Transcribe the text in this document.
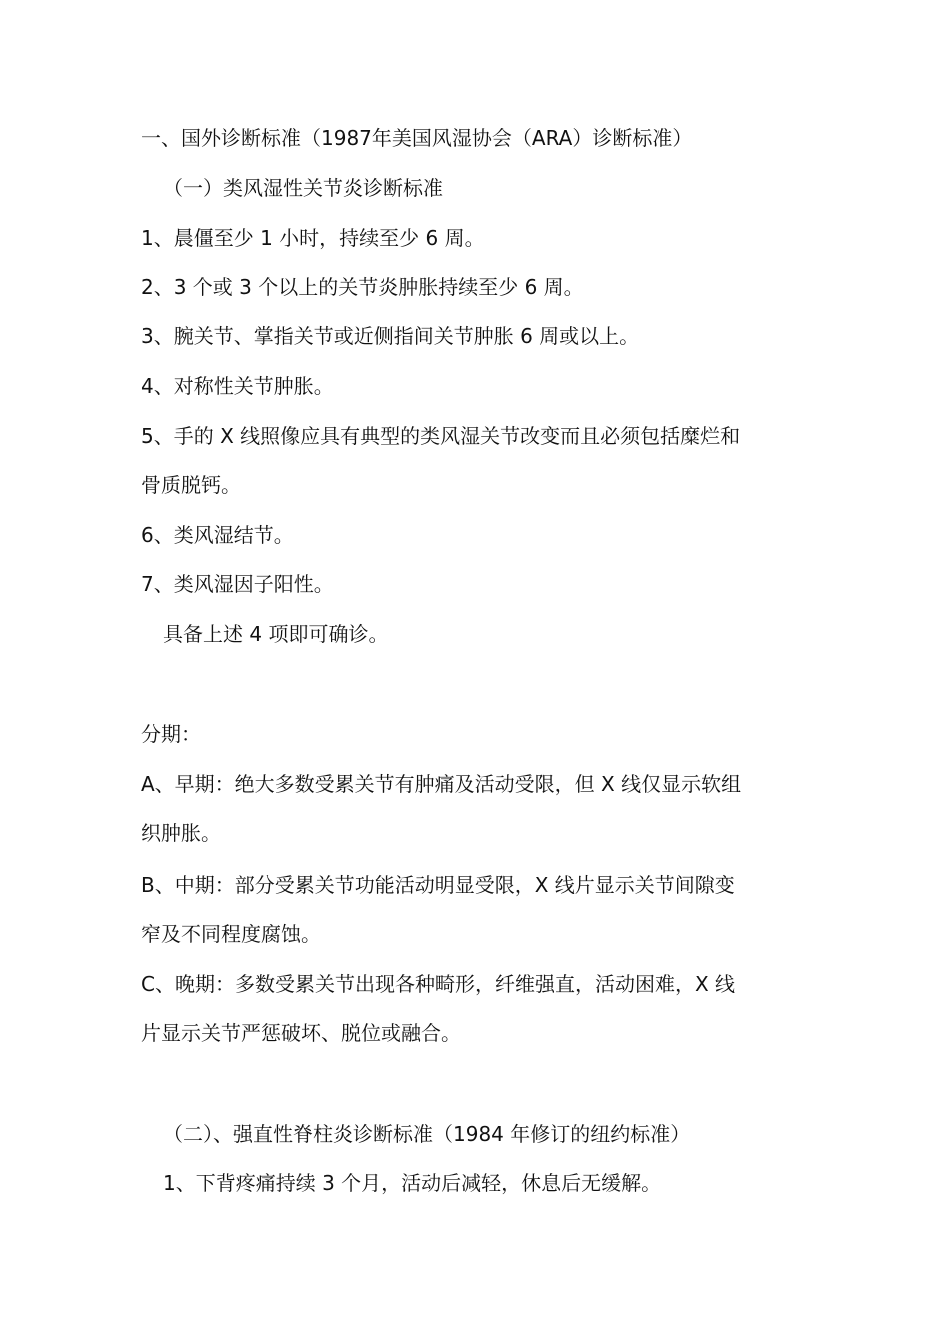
一、国外诊断标准（1987年美国风湿协会（ARA）诊断标准）
（一）类风湿性关节炎诊断标准
1、晨僵至少 1 小时，持续至少 6 周。
2、3 个或 3 个以上的关节炎肿胀持续至少 6 周。
3、腕关节、掌指关节或近侧指间关节肿胀 6 周或以上。
4、对称性关节肿胀。
5、手的 X 线照像应具有典型的类风湿关节改变而且必须包括糜烂和
骨质脱钙。
6、类风湿结节。
7、类风湿因子阳性。
具备上述 4 项即可确诊。
分期：
A、早期：绝大多数受累关节有肿痛及活动受限，但 X 线仅显示软组
织肿胀。
B、中期：部分受累关节功能活动明显受限，X 线片显示关节间隙变
窄及不同程度腐蚀。
C、晚期：多数受累关节出现各种畸形，纤维强直，活动困难，X 线
片显示关节严惩破坏、脱位或融合。
（二）、强直性脊柱炎诊断标准（1984 年修订的纽约标准）
1、下背疼痛持续 3 个月，活动后减轻，休息后无缓解。
